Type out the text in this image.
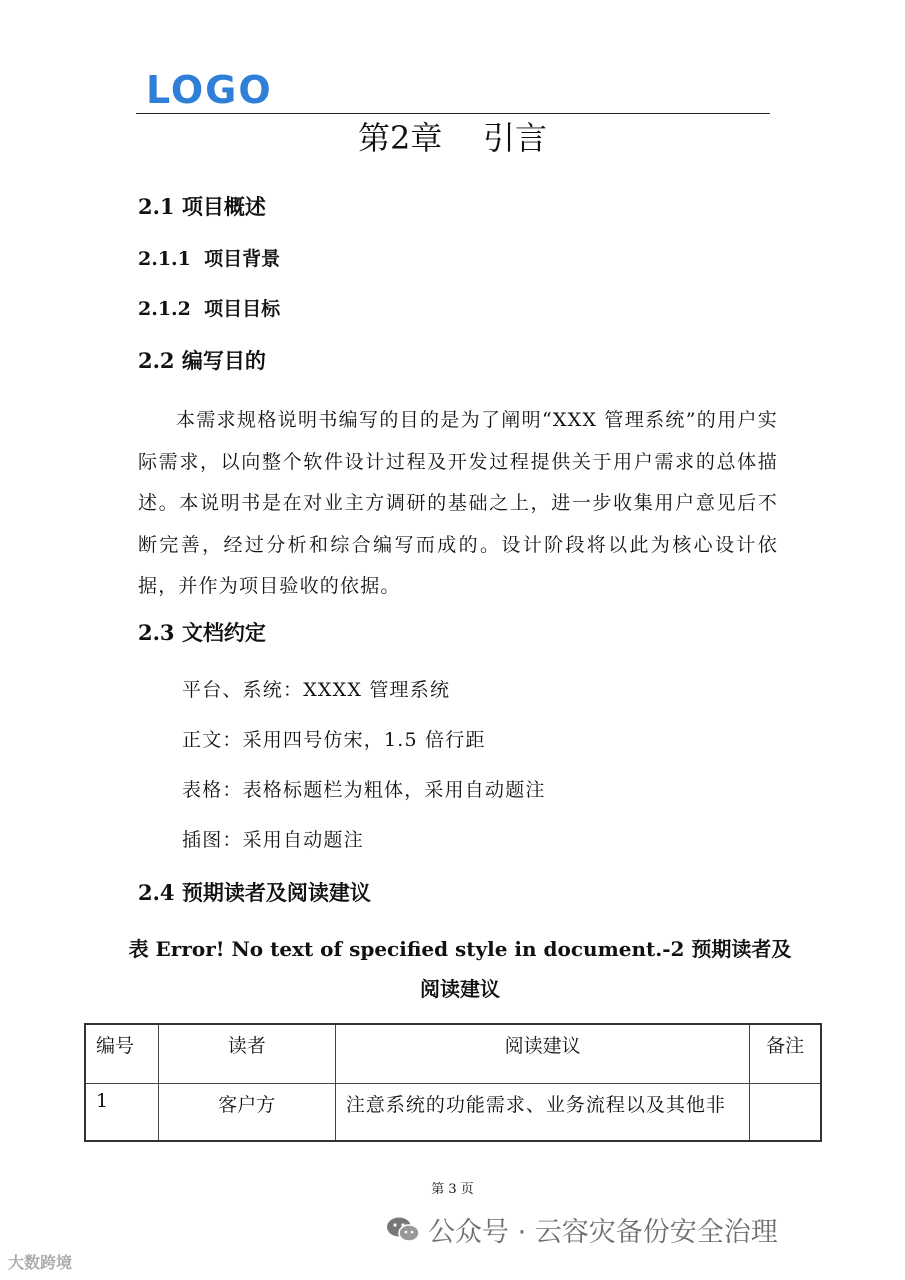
LOGO
第2章    引言
2.1 项目概述
2.1.1  项目背景
2.1.2  项目目标
2.2 编写目的
本需求规格说明书编写的目的是为了阐明“XXX 管理系统”的用户实际需求，以向整个软件设计过程及开发过程提供关于用户需求的总体描述。本说明书是在对业主方调研的基础之上，进一步收集用户意见后不断完善，经过分析和综合编写而成的。设计阶段将以此为核心设计依据，并作为项目验收的依据。
2.3 文档约定
平台、系统：XXXX 管理系统
正文：采用四号仿宋，1.5 倍行距
表格：表格标题栏为粗体，采用自动题注
插图：采用自动题注
2.4 预期读者及阅读建议
表 Error! No text of specified style in document.-2 预期读者及阅读建议
编号	读者	阅读建议	备注
1	客户方	注意系统的功能需求、业务流程以及其他非	
第 3 页
公众号 · 云容灾备份安全治理
大数跨境
